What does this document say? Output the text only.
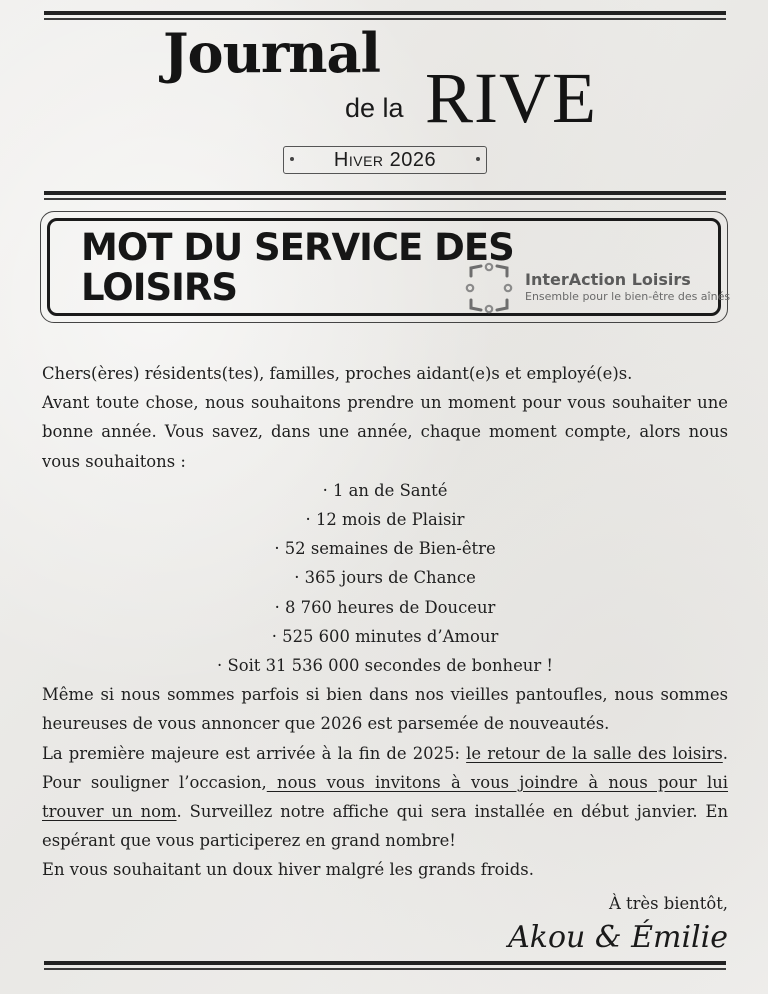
Journal
de la RIVE
Hiver 2026
MOT DU SERVICE DES LOISIRS	InterAction Loisirs
Ensemble pour le bien-être des aînés

Chers(ères) résidents(tes), familles, proches aidant(e)s et employé(e)s.

Avant toute chose, nous souhaitons prendre un moment pour vous souhaiter une bonne année. Vous savez, dans une année, chaque moment compte, alors nous vous souhaitons :

· 1 an de Santé

· 12 mois de Plaisir

· 52 semaines de Bien-être

· 365 jours de Chance

· 8 760 heures de Douceur

· 525 600 minutes d’Amour

· Soit 31 536 000 secondes de bonheur !

Même si nous sommes parfois si bien dans nos vieilles pantoufles, nous sommes heureuses de vous annoncer que 2026 est parsemée de nouveautés.

La première majeure est arrivée à la fin de 2025: le retour de la salle des loisirs. Pour souligner l’occasion, nous vous invitons à vous joindre à nous pour lui trouver un nom. Surveillez notre affiche qui sera installée en début janvier. En espérant que vous participerez en grand nombre!

En vous souhaitant un doux hiver malgré les grands froids.

À très bientôt,

Akou & Émilie
